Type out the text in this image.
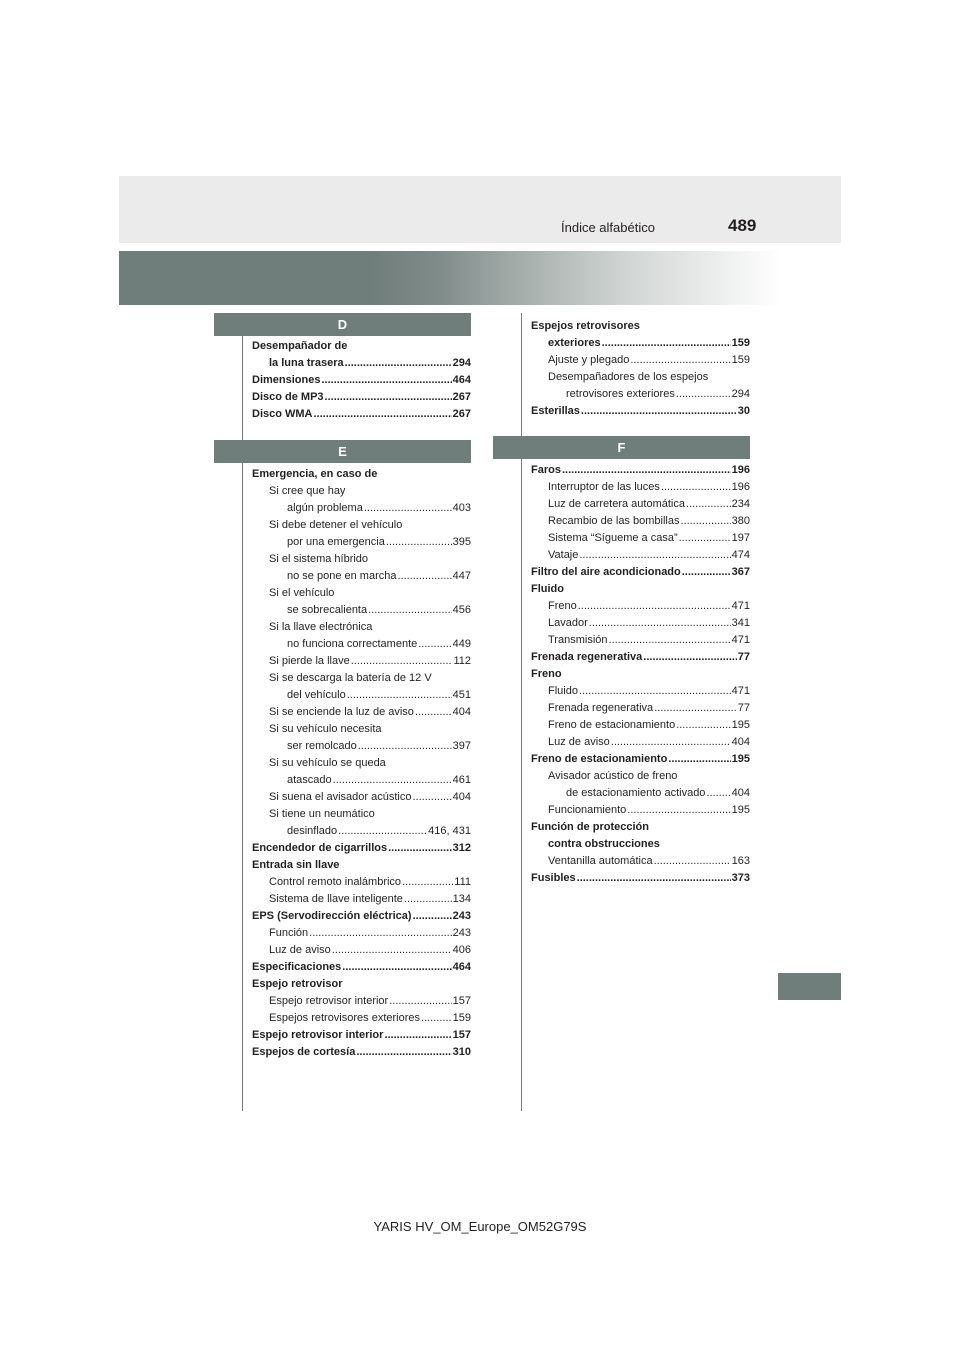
489
Índice alfabético
D
Desempañador de
la luna trasera .....	294
Dimensiones .....	464
Disco de MP3 .....	267
Disco WMA .....	267
E
Emergencia, en caso de
Si cree que hay
algún problema .....	403
Si debe detener el vehículo
por una emergencia .....	395
Si el sistema híbrido
no se pone en marcha .....	447
Si el vehículo
se sobrecalienta .....	456
Si la llave electrónica
no funciona correctamente .....	449
Si pierde la llave .....	112
Si se descarga la batería de 12 V
del vehículo .....	451
Si se enciende la luz de aviso .....	404
Si su vehículo necesita
ser remolcado .....	397
Si su vehículo se queda
atascado .....	461
Si suena el avisador acústico .....	404
Si tiene un neumático
desinflado .....	416, 431
Encendedor de cigarrillos .....	312
Entrada sin llave
Control remoto inalámbrico .....	111
Sistema de llave inteligente .....	134
EPS (Servodirección eléctrica) .....	243
Función .....	243
Luz de aviso .....	406
Especificaciones .....	464
Espejo retrovisor
Espejo retrovisor interior .....	157
Espejos retrovisores exteriores .....	159
Espejo retrovisor interior .....	157
Espejos de cortesía .....	310
Espejos retrovisores
exteriores .....	159
Ajuste y plegado .....	159
Desempañadores de los espejos
retrovisores exteriores .....	294
Esterillas .....	30
F
Faros .....	196
Interruptor de las luces .....	196
Luz de carretera automática .....	234
Recambio de las bombillas .....	380
Sistema “Sígueme a casa” .....	197
Vataje .....	474
Filtro del aire acondicionado .....	367
Fluido
Freno .....	471
Lavador .....	341
Transmisión .....	471
Frenada regenerativa .....	77
Freno
Fluido .....	471
Frenada regenerativa .....	77
Freno de estacionamiento .....	195
Luz de aviso .....	404
Freno de estacionamiento .....	195
Avisador acústico de freno
de estacionamiento activado ..... 404
Funcionamiento .....	195
Función de protección
contra obstrucciones
Ventanilla automática .....	163
Fusibles .....	373
YARIS HV_OM_Europe_OM52G79S
